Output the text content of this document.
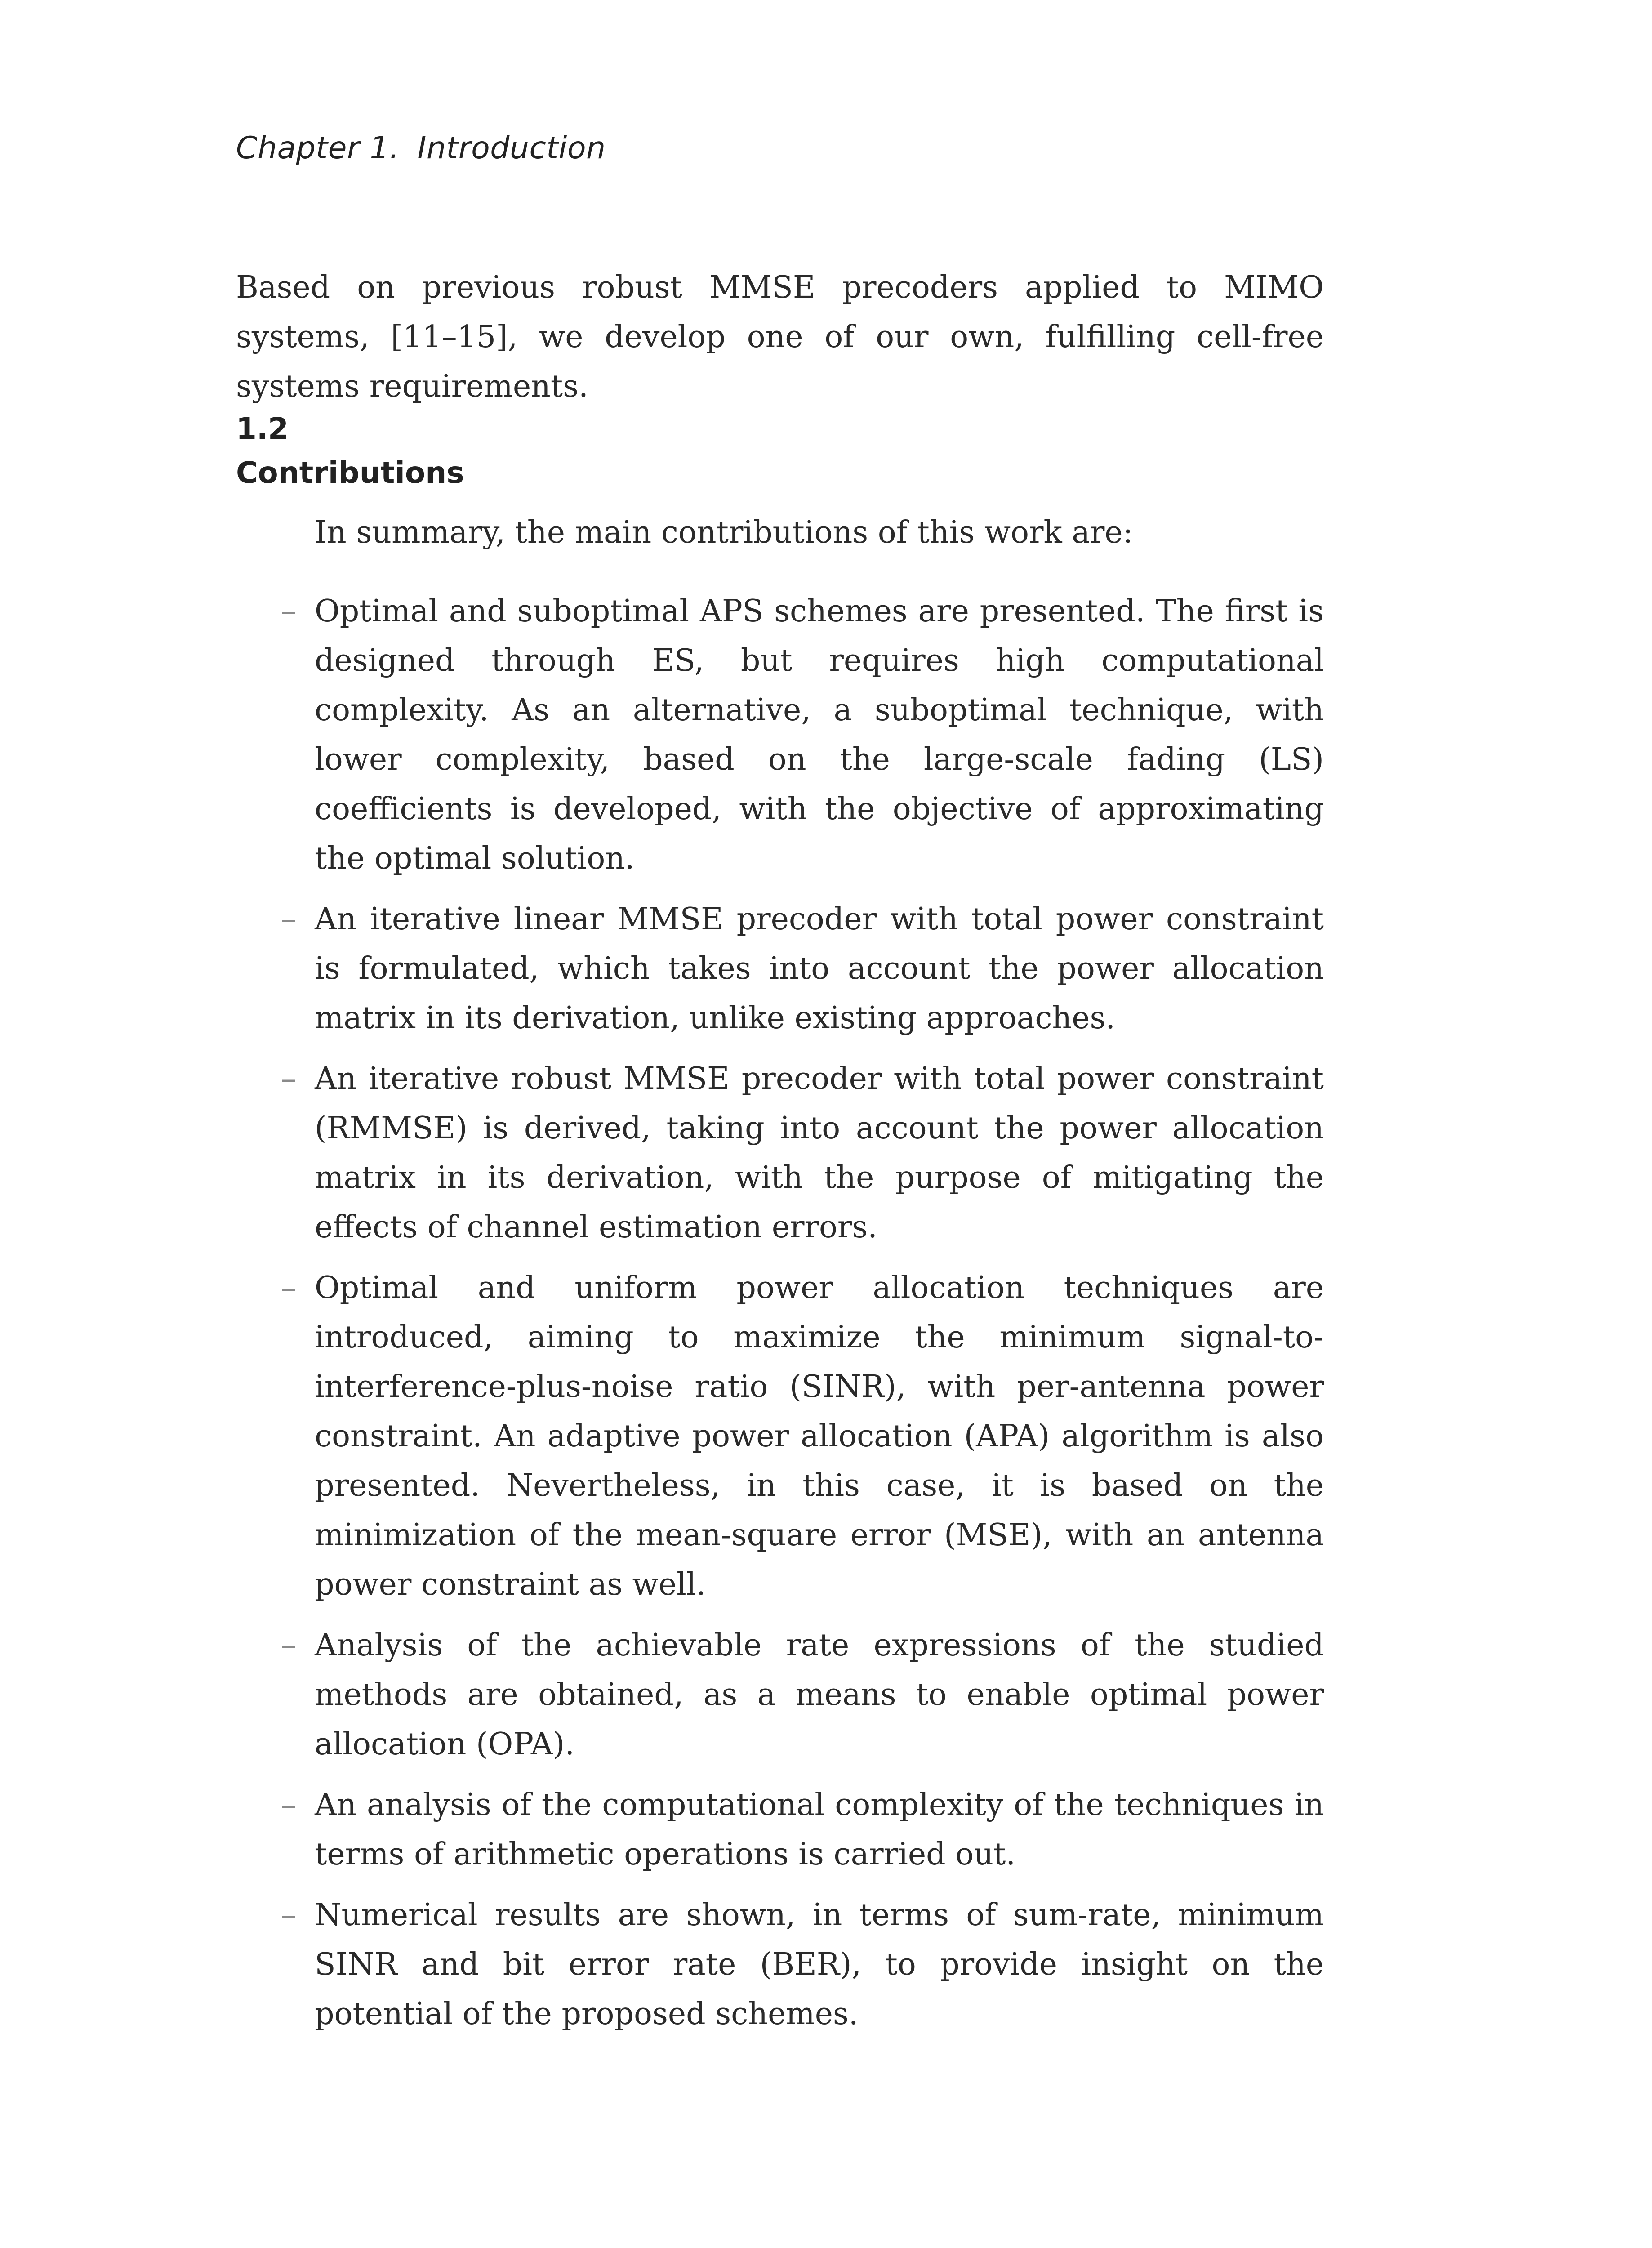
Chapter 1. Introduction

Based on previous robust MMSE precoders applied to MIMO systems, [11–15], we develop one of our own, fulfilling cell-free systems requirements.

1.2
Contributions

In summary, the main contributions of this work are:

– Optimal and suboptimal APS schemes are presented. The first is designed through ES, but requires high computational complexity. As an alternative, a suboptimal technique, with lower complexity, based on the large-scale fading (LS) coefficients is developed, with the objective of approximating the optimal solution.
– An iterative linear MMSE precoder with total power constraint is formulated, which takes into account the power allocation matrix in its derivation, unlike existing approaches.
– An iterative robust MMSE precoder with total power constraint (RMMSE) is derived, taking into account the power allocation matrix in its derivation, with the purpose of mitigating the effects of channel estimation errors.
– Optimal and uniform power allocation techniques are introduced, aiming to maximize the minimum signal-to-interference-plus-noise ratio (SINR), with per-antenna power constraint. An adaptive power allocation (APA) algorithm is also presented. Nevertheless, in this case, it is based on the minimization of the mean-square error (MSE), with an antenna power constraint as well.
– Analysis of the achievable rate expressions of the studied methods are obtained, as a means to enable optimal power allocation (OPA).
– An analysis of the computational complexity of the techniques in terms of arithmetic operations is carried out.
– Numerical results are shown, in terms of sum-rate, minimum SINR and bit error rate (BER), to provide insight on the potential of the proposed schemes.
